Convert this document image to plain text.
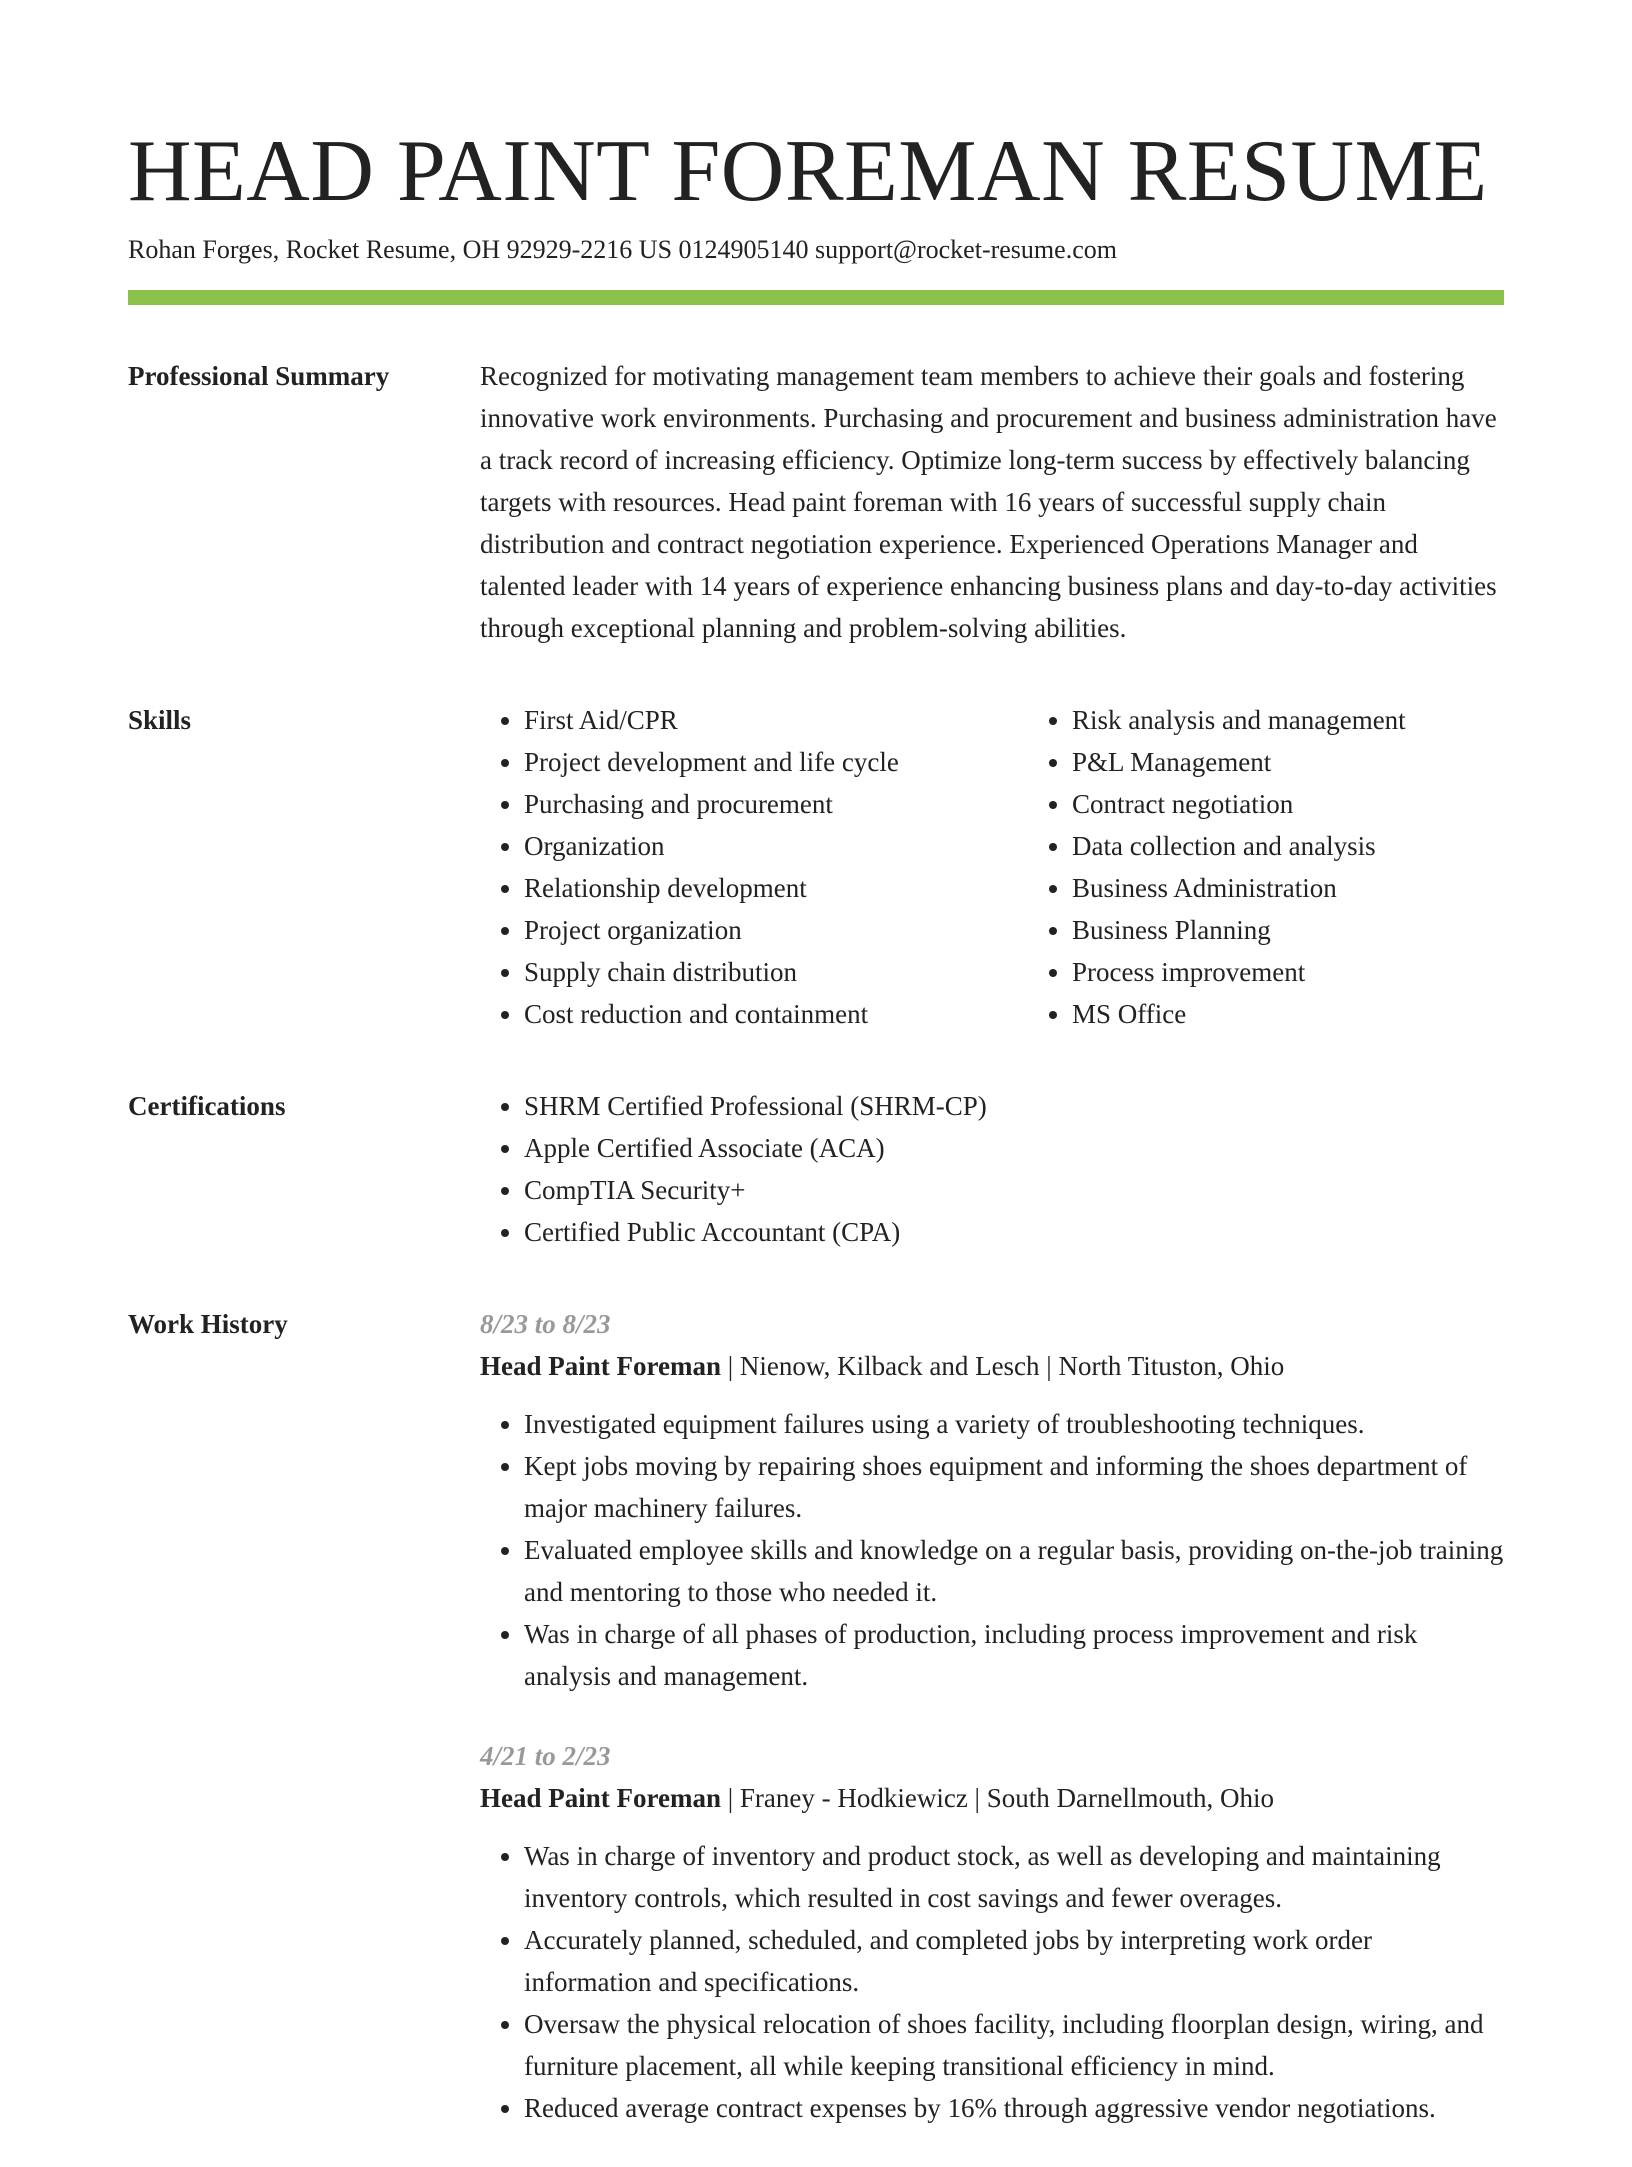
HEAD PAINT FOREMAN RESUME
Rohan Forges, Rocket Resume, OH 92929-2216 US 0124905140 support@rocket-resume.com
Professional Summary	Recognized for motivating management team members to achieve their goals and fostering innovative work environments. Purchasing and procurement and business administration have a track record of increasing efficiency. Optimize long-term success by effectively balancing targets with resources. Head paint foreman with 16 years of successful supply chain distribution and contract negotiation experience. Experienced Operations Manager and talented leader with 14 years of experience enhancing business plans and day-to-day activities through exceptional planning and problem-solving abilities.

Skills	• First Aid/CPR
• Project development and life cycle
• Purchasing and procurement
• Organization
• Relationship development
• Project organization
• Supply chain distribution
• Cost reduction and containment
• Risk analysis and management
• P&L Management
• Contract negotiation
• Data collection and analysis
• Business Administration
• Business Planning
• Process improvement
• MS Office
Certifications	• SHRM Certified Professional (SHRM-CP)
• Apple Certified Associate (ACA)
• CompTIA Security+
• Certified Public Accountant (CPA)
Work History	8/23 to 8/23
Head Paint Foreman | Nienow, Kilback and Lesch | North Tituston, Ohio
• Investigated equipment failures using a variety of troubleshooting techniques.
• Kept jobs moving by repairing shoes equipment and informing the shoes department of major machinery failures.
• Evaluated employee skills and knowledge on a regular basis, providing on-the-job training and mentoring to those who needed it.
• Was in charge of all phases of production, including process improvement and risk analysis and management.
4/21 to 2/23
Head Paint Foreman | Franey - Hodkiewicz | South Darnellmouth, Ohio
• Was in charge of inventory and product stock, as well as developing and maintaining inventory controls, which resulted in cost savings and fewer overages.
• Accurately planned, scheduled, and completed jobs by interpreting work order information and specifications.
• Oversaw the physical relocation of shoes facility, including floorplan design, wiring, and furniture placement, all while keeping transitional efficiency in mind.
• Reduced average contract expenses by 16% through aggressive vendor negotiations.
